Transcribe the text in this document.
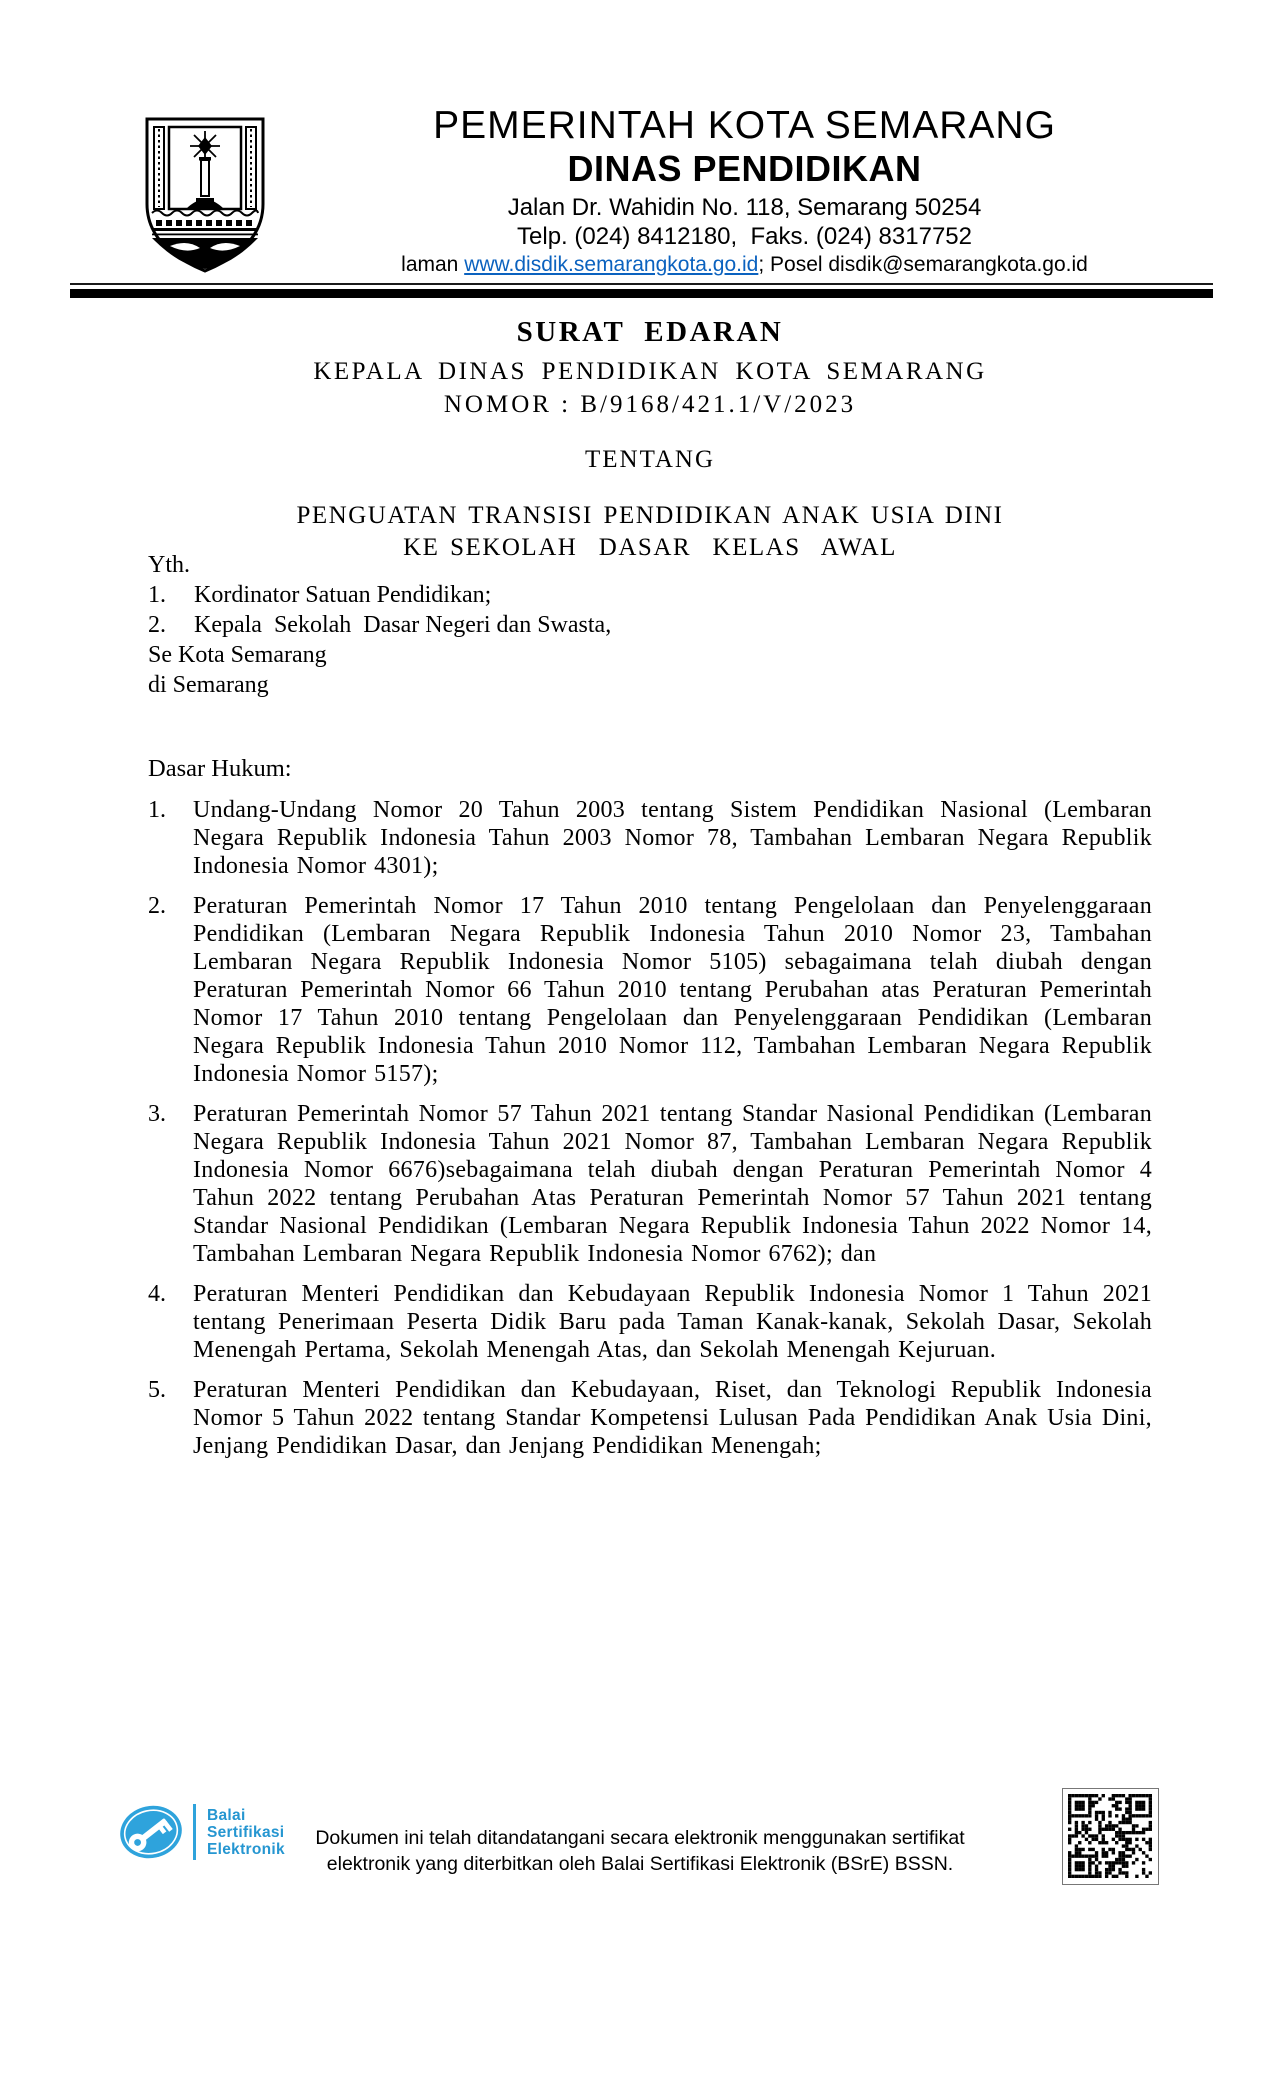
PEMERINTAH KOTA SEMARANG
DINAS PENDIDIKAN
Jalan Dr. Wahidin No. 118, Semarang 50254
Telp. (024) 8412180,  Faks. (024) 8317752
laman www.disdik.semarangkota.go.id; Posel disdik@semarangkota.go.id
SURAT  EDARAN
KEPALA DINAS PENDIDIKAN KOTA SEMARANG
NOMOR : B/9168/421.1/V/2023
TENTANG
PENGUATAN TRANSISI PENDIDIKAN ANAK USIA DINI
KE SEKOLAH  DASAR  KELAS  AWAL
Yth.
1.	Kordinator Satuan Pendidikan;
2.	Kepala  Sekolah  Dasar Negeri dan Swasta,
Se Kota Semarang
di Semarang
Dasar Hukum:
1.	Undang-Undang Nomor 20 Tahun 2003 tentang Sistem Pendidikan Nasional (Lembaran Negara Republik Indonesia Tahun 2003 Nomor 78, Tambahan Lembaran Negara Republik Indonesia Nomor 4301);
2.	Peraturan Pemerintah Nomor 17 Tahun 2010 tentang Pengelolaan dan Penyelenggaraan Pendidikan (Lembaran Negara Republik Indonesia Tahun 2010 Nomor 23, Tambahan Lembaran Negara Republik Indonesia Nomor 5105) sebagaimana telah diubah dengan Peraturan Pemerintah Nomor 66 Tahun 2010 tentang Perubahan atas Peraturan Pemerintah Nomor 17 Tahun 2010 tentang Pengelolaan dan Penyelenggaraan Pendidikan (Lembaran Negara Republik Indonesia Tahun 2010 Nomor 112, Tambahan Lembaran Negara Republik Indonesia Nomor 5157);
3.	Peraturan Pemerintah Nomor 57 Tahun 2021 tentang Standar Nasional Pendidikan (Lembaran Negara Republik Indonesia Tahun 2021 Nomor 87, Tambahan Lembaran Negara Republik Indonesia Nomor 6676)sebagaimana telah diubah dengan Peraturan Pemerintah Nomor 4 Tahun 2022 tentang Perubahan Atas Peraturan Pemerintah Nomor 57 Tahun 2021 tentang Standar Nasional Pendidikan (Lembaran Negara Republik Indonesia Tahun 2022 Nomor 14, Tambahan Lembaran Negara Republik Indonesia Nomor 6762); dan
4.	Peraturan Menteri Pendidikan dan Kebudayaan Republik Indonesia Nomor 1 Tahun 2021 tentang Penerimaan Peserta Didik Baru pada Taman Kanak-kanak, Sekolah Dasar, Sekolah Menengah Pertama, Sekolah Menengah Atas, dan Sekolah Menengah Kejuruan.
5.	Peraturan Menteri Pendidikan dan Kebudayaan, Riset, dan Teknologi Republik Indonesia Nomor 5 Tahun 2022 tentang Standar Kompetensi Lulusan Pada Pendidikan Anak Usia Dini, Jenjang Pendidikan Dasar, dan Jenjang Pendidikan Menengah;
Balai
Sertifikasi
Elektronik Dokumen ini telah ditandatangani secara elektronik menggunakan sertifikat
elektronik yang diterbitkan oleh Balai Sertifikasi Elektronik (BSrE) BSSN.
